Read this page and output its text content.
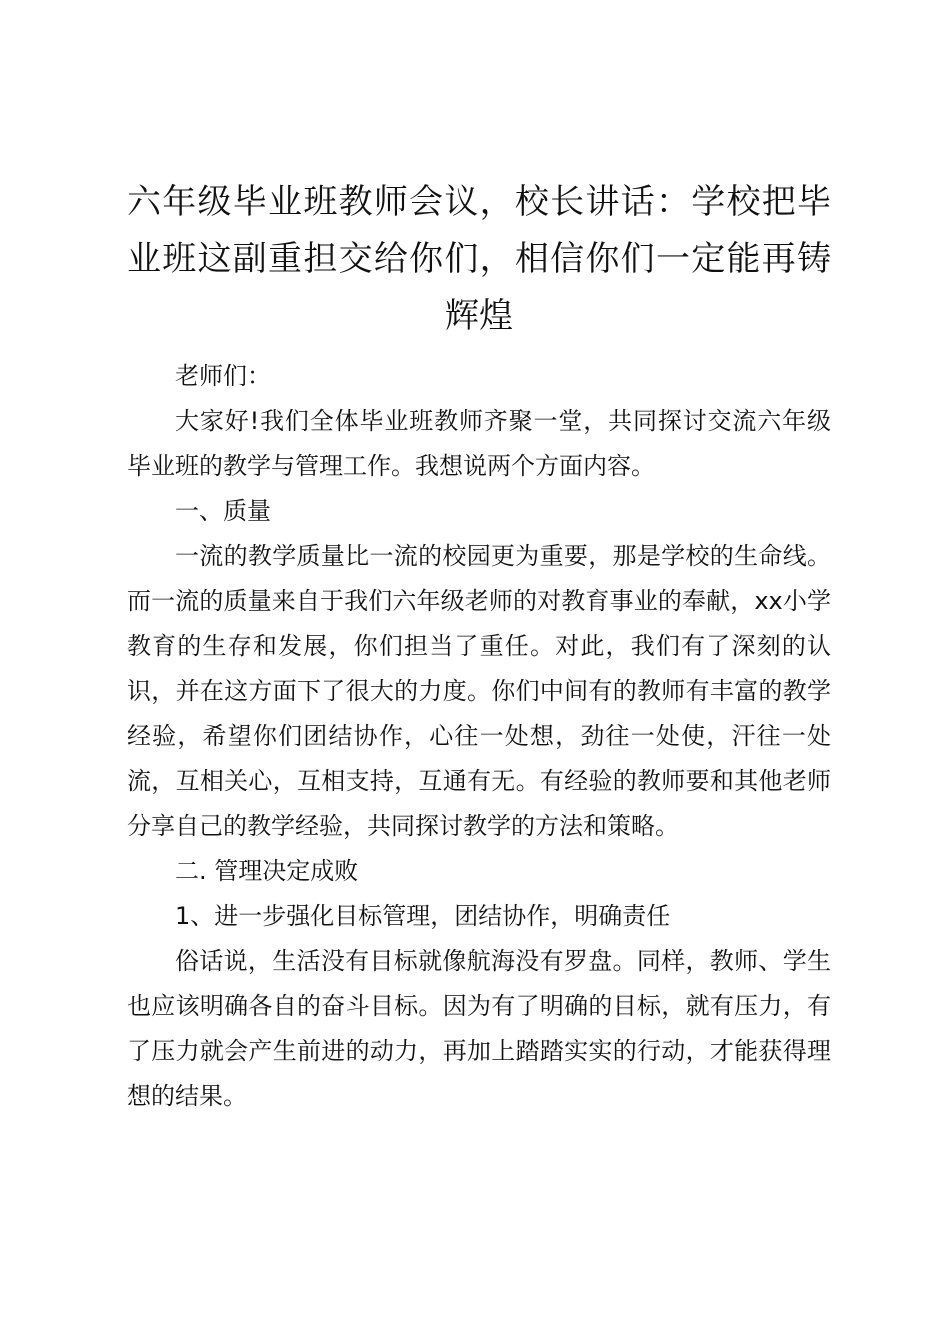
六年级毕业班教师会议，校长讲话：学校把毕业班这副重担交给你们，相信你们一定能再铸辉煌

老师们：

大家好!我们全体毕业班教师齐聚一堂，共同探讨交流六年级毕业班的教学与管理工作。我想说两个方面内容。

一、质量

一流的教学质量比一流的校园更为重要，那是学校的生命线。而一流的质量来自于我们六年级老师的对教育事业的奉献，xx小学教育的生存和发展，你们担当了重任。对此，我们有了深刻的认识，并在这方面下了很大的力度。你们中间有的教师有丰富的教学经验，希望你们团结协作，心往一处想，劲往一处使，汗往一处流，互相关心，互相支持，互通有无。有经验的教师要和其他老师分享自己的教学经验，共同探讨教学的方法和策略。

二. 管理决定成败

1、进一步强化目标管理，团结协作，明确责任

俗话说，生活没有目标就像航海没有罗盘。同样，教师、学生也应该明确各自的奋斗目标。因为有了明确的目标，就有压力，有了压力就会产生前进的动力，再加上踏踏实实的行动，才能获得理想的结果。
